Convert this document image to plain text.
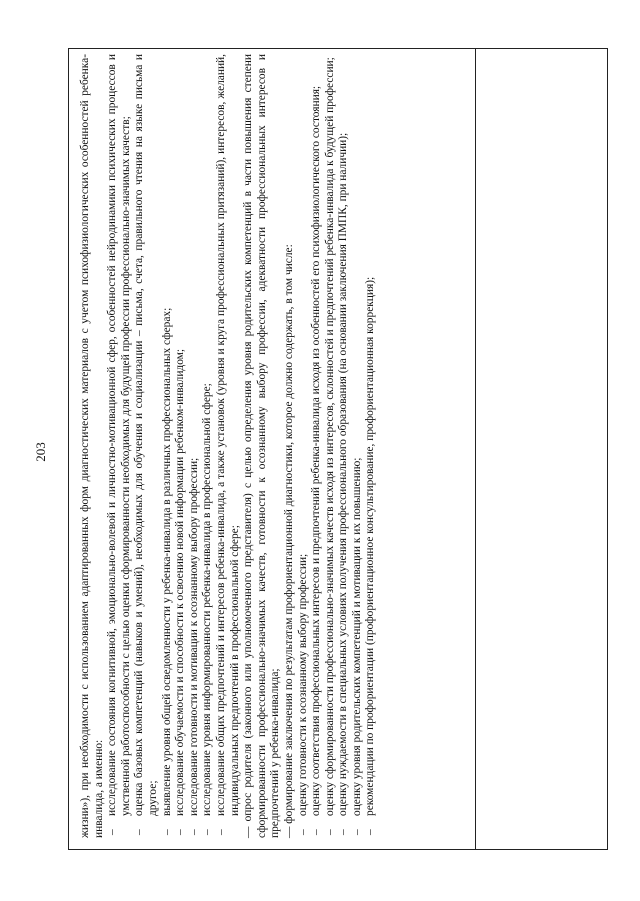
203	жизни»), при необходимости с использованием адаптированных форм диагностических материалов с учетом психофизиологических особенностей ребенка-инвалида, а именно: –
исследование состояния когнитивной, эмоционально-волевой и личностно-мотивационной сфер, особенностей нейродинамики психических процессов и умственной работоспособности с целью оценки сформированности необходимых для будущей профессии профессионально-значимых качеств;
–
оценка базовых компетенций (навыков и умений), необходимых для обучения и социализации – письма, счета, правильного чтения на языке письма и другое;
–
выявление уровня общей осведомленности у ребенка-инвалида в различных профессиональных сферах;
–
исследование обучаемости и способности к освоению новой информации ребенком-инвалидом;
–
исследование готовности и мотивации к осознанному выбору профессии;
–
исследование уровня информированности ребенка-инвалида в профессиональной сфере;
–
исследование общих предпочтений и интересов ребенка-инвалида, а также установок (уровня и круга профессиональных притязаний), интересов, желаний, индивидуальных предпочтений в профессиональной сфере; — опрос родителя (законного или уполномоченного представителя) с целью определения уровня родительских компетенций в части повышения степени сформированности профессионально-значимых качеств, готовности к осознанному выбору профессии, адекватности профессиональных интересов и предпочтений у ребенка-инвалида; — формирование заключения по результатам профориентационной диагностики, которое должно содержать, в том числе: –
оценку готовности к осознанному выбору профессии;
–
оценку соответствия профессиональных интересов и предпочтений ребенка-инвалида исходя из особенностей его психофизиологического состояния;
–
оценку сформированности профессионально-значимых качеств исходя из интересов, склонностей и предпочтений ребенка-инвалида к будущей профессии;
–
оценку нуждаемости в специальных условиях получения профессионального образования (на основании заключения ПМПК, при наличии);
–
оценку уровня родительских компетенций и мотивации к их повышению;
–
рекомендации по профориентации (профориентационное консультирование, профориентационная коррекция);
